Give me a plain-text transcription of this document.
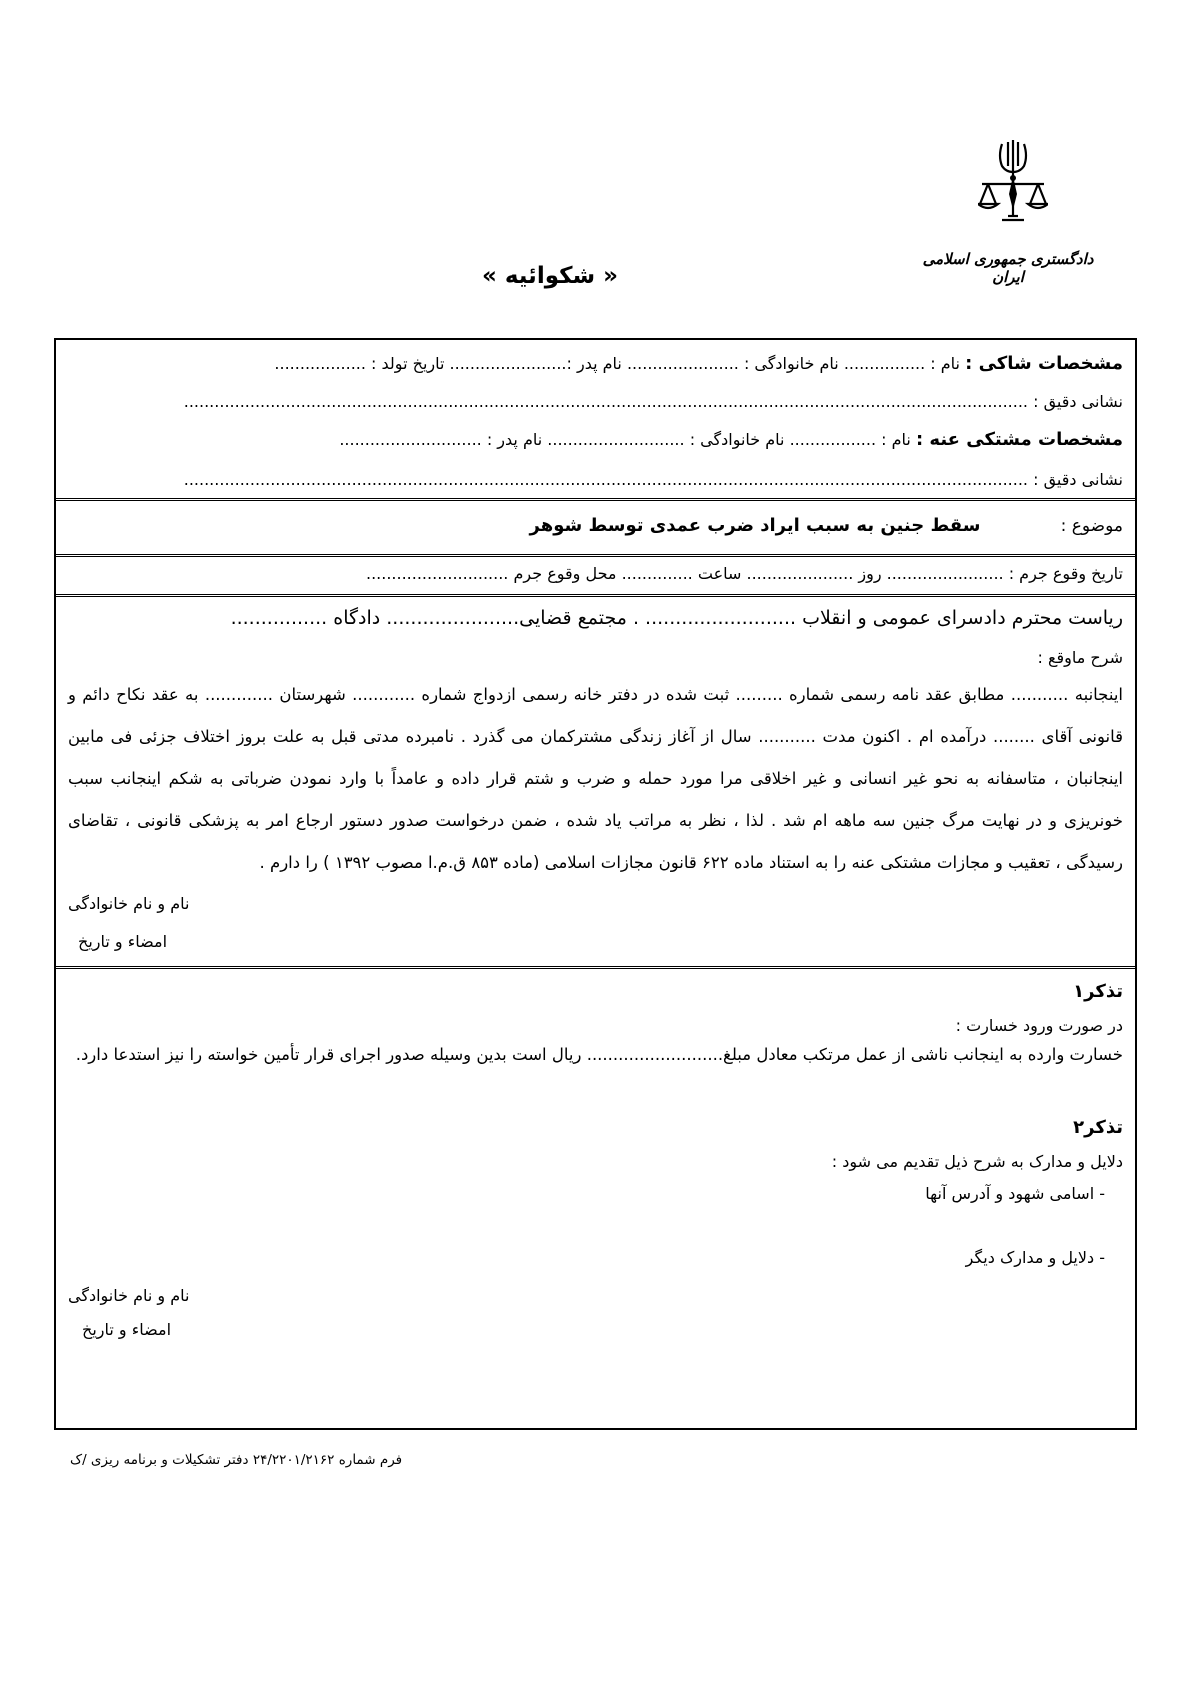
دادگستری جمهوری اسلامی ایران
« شکوائیه »
مشخصات شاکی : نام : ................ نام خانوادگی : ...................... نام پدر :....................... تاریخ تولد : ..................
نشانی دقیق : ......................................................................................................................................................................
مشخصات مشتکی عنه : نام : ................. نام خانوادگی : ........................... نام پدر : ............................
نشانی دقیق : ......................................................................................................................................................................
موضوع :  سقط جنین به سبب ایراد ضرب عمدی توسط شوهر
تاریخ وقوع جرم : ....................... روز ..................... ساعت .............. محل وقوع جرم ............................
ریاست محترم دادسرای عمومی و انقلاب ......................... . مجتمع قضایی...................... دادگاه ................
شرح ماوقع :
اینجانبه ........... مطابق عقد نامه رسمی شماره ......... ثبت شده در دفتر خانه رسمی ازدواج شماره ............ شهرستان ............. به عقد نکاح دائم و قانونی آقای ........ درآمده ام . اکنون مدت ........... سال از آغاز زندگی مشترکمان می گذرد . نامبرده مدتی قبل به علت بروز اختلاف جزئی فی مابین اینجانبان ، متاسفانه به نحو غیر انسانی و غیر اخلاقی مرا مورد حمله و ضرب و شتم قرار داده و عامداً با وارد نمودن ضرباتی به شکم اینجانب سبب خونریزی و در نهایت مرگ جنین سه ماهه ام شد . لذا ، نظر به مراتب یاد شده ، ضمن درخواست صدور دستور ارجاع امر به پزشکی قانونی ، تقاضای رسیدگی ، تعقیب و مجازات مشتکی عنه را به استناد ماده ۶۲۲ قانون مجازات اسلامی (ماده ۸۵۳ ق.م.ا مصوب ۱۳۹۲ ) را دارم .
نام و نام خانوادگی
امضاء و تاریخ
تذکر۱
در صورت ورود خسارت :
خسارت وارده به اینجانب ناشی از عمل مرتکب معادل مبلغ.......................... ریال است بدین وسیله صدور اجرای قرار تأمین خواسته را نیز استدعا دارد.
تذکر۲
دلایل و مدارک به شرح ذیل تقدیم می شود :
- اسامی شهود و آدرس آنها
- دلایل و مدارک دیگر
نام و نام خانوادگی
امضاء و تاریخ
فرم شماره ۲۴/۲۲۰۱/۲۱۶۲ دفتر تشکیلات و برنامه ریزی /ک
